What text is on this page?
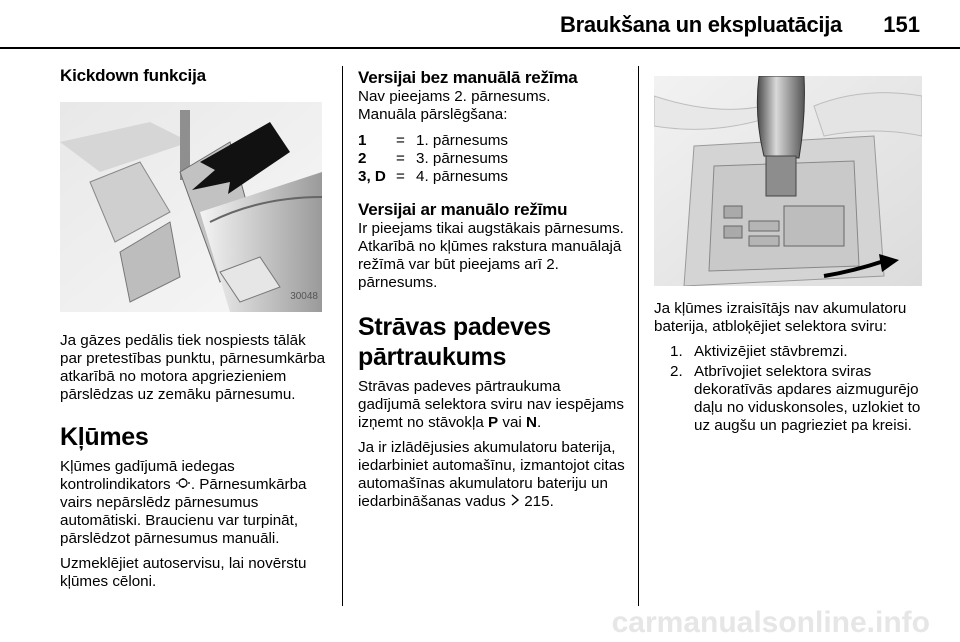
Braukšana un ekspluatācija 151
Kickdown funkcija
30048

Ja gāzes pedālis tiek nospiests tālāk par pretestības punktu, pārnesumkārba atkarībā no motora apgriezieniem pārslēdzas uz zemāku pārnesumu.

Kļūmes

Kļūmes gadījumā iedegas kontrolindikators . Pārnesumkārba vairs nepārslēdz pārnesumus automātiski. Braucienu var turpināt, pārslēdzot pārnesumus manuāli.

Uzmeklējiet autoservisu, lai novērstu kļūmes cēloni.

Versijai bez manuālā režīma
Nav pieejams 2. pārnesums.
Manuāla pārslēgšana:
1	=	1. pārnesums
2	=	3. pārnesums
3, D	=	4. pārnesums
Versijai ar manuālo režīmu

Ir pieejams tikai augstākais pārnesums. Atkarībā no kļūmes rakstura manuālajā režīmā var būt pieejams arī 2. pārnesums.

Strāvas padeves
pārtraukums

Strāvas padeves pārtraukuma gadījumā selektora sviru nav iespējams izņemt no stāvokļa P vai N.

Ja ir izlādējusies akumulatoru baterija, iedarbiniet automašīnu, izmantojot citas automašīnas akumulatoru bateriju un iedarbināšanas vadus  215.

Ja kļūmes izraisītājs nav akumulatoru baterija, atbloķējiet selektora sviru:

1. Aktivizējiet stāvbremzi.
2. Atbrīvojiet selektora sviras dekoratīvās apdares aizmugurējo daļu no viduskonsoles, uzlokiet to uz augšu un pagrieziet pa kreisi.
carmanualsonline.info
